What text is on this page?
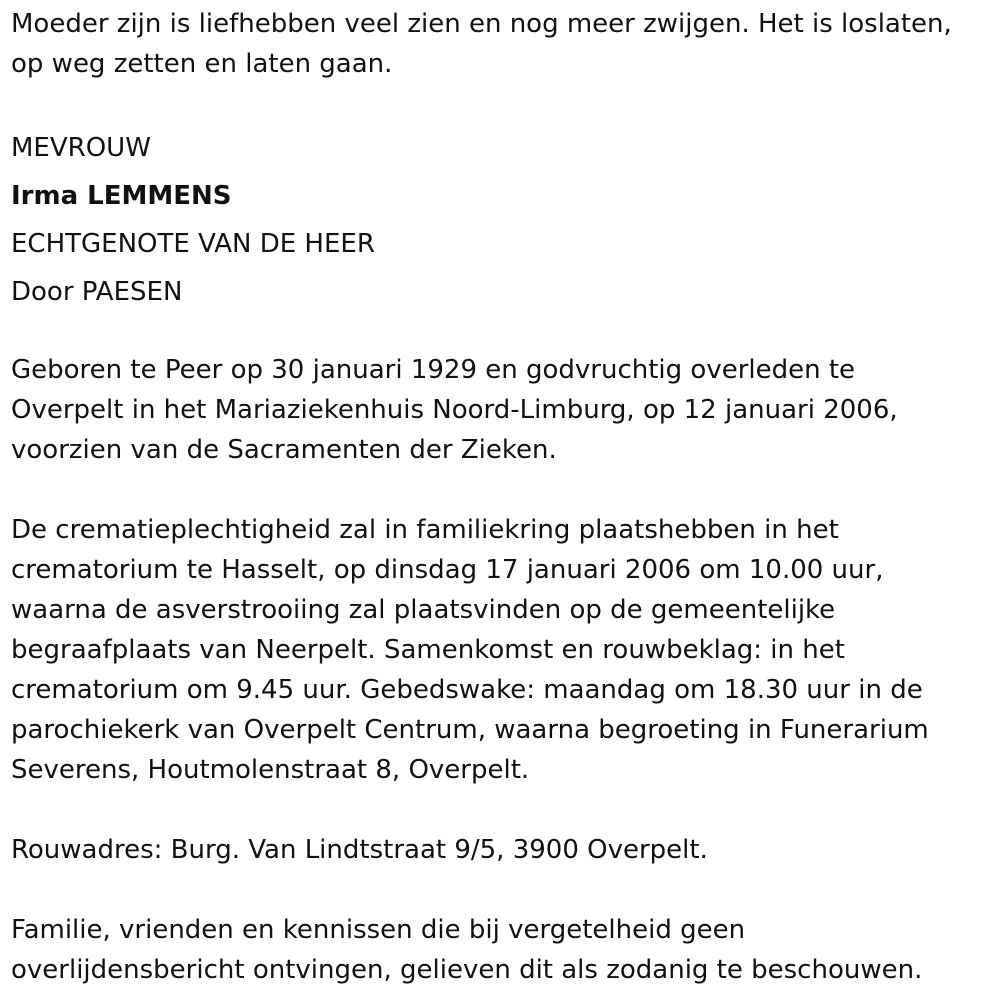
Moeder zijn is liefhebben veel zien en nog meer zwijgen. Het is loslaten,

op weg zetten en laten gaan.

MEVROUW

Irma LEMMENS

ECHTGENOTE VAN DE HEER

Door PAESEN

Geboren te Peer op 30 januari 1929 en godvruchtig overleden te

Overpelt in het Mariaziekenhuis Noord-Limburg, op 12 januari 2006,

voorzien van de Sacramenten der Zieken.

De crematieplechtigheid zal in familiekring plaatshebben in het

crematorium te Hasselt, op dinsdag 17 januari 2006 om 10.00 uur,

waarna de asverstrooiing zal plaatsvinden op de gemeentelijke

begraafplaats van Neerpelt. Samenkomst en rouwbeklag: in het

crematorium om 9.45 uur. Gebedswake: maandag om 18.30 uur in de

parochiekerk van Overpelt Centrum, waarna begroeting in Funerarium

Severens, Houtmolenstraat 8, Overpelt.

Rouwadres: Burg. Van Lindtstraat 9/5, 3900 Overpelt.

Familie, vrienden en kennissen die bij vergetelheid geen

overlijdensbericht ontvingen, gelieven dit als zodanig te beschouwen.
